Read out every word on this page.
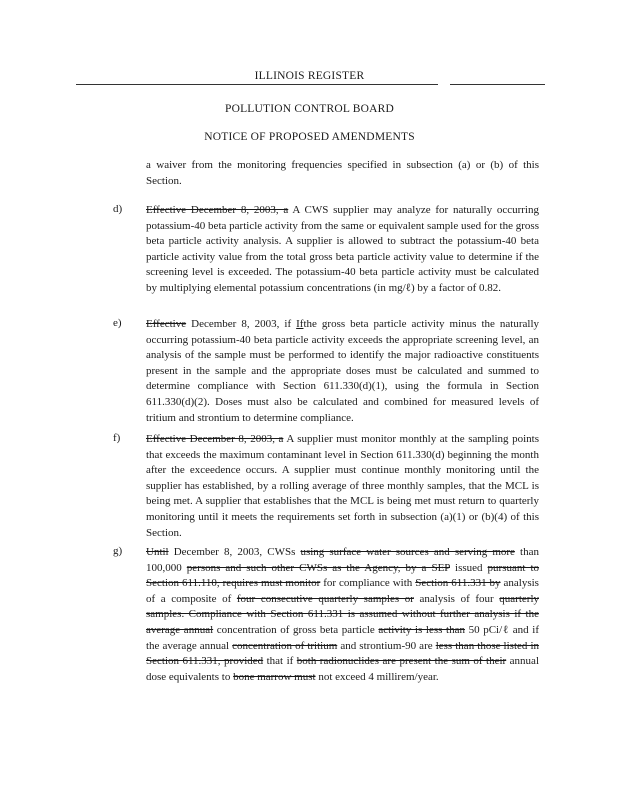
ILLINOIS REGISTER
POLLUTION CONTROL BOARD
NOTICE OF PROPOSED AMENDMENTS
a waiver from the monitoring frequencies specified in subsection (a) or (b) of this Section.
d) Effective December 8, 2003, a A CWS supplier may analyze for naturally occurring potassium-40 beta particle activity from the same or equivalent sample used for the gross beta particle activity analysis. A supplier is allowed to subtract the potassium-40 beta particle activity value from the total gross beta particle activity value to determine if the screening level is exceeded. The potassium-40 beta particle activity must be calculated by multiplying elemental potassium concentrations (in mg/ℓ) by a factor of 0.82.
e) Effective December 8, 2003, if Ifthe gross beta particle activity minus the naturally occurring potassium-40 beta particle activity exceeds the appropriate screening level, an analysis of the sample must be performed to identify the major radioactive constituents present in the sample and the appropriate doses must be calculated and summed to determine compliance with Section 611.330(d)(1), using the formula in Section 611.330(d)(2). Doses must also be calculated and combined for measured levels of tritium and strontium to determine compliance.
f) Effective December 8, 2003, a A supplier must monitor monthly at the sampling points that exceeds the maximum contaminant level in Section 611.330(d) beginning the month after the exceedence occurs. A supplier must continue monthly monitoring until the supplier has established, by a rolling average of three monthly samples, that the MCL is being met. A supplier that establishes that the MCL is being met must return to quarterly monitoring until it meets the requirements set forth in subsection (a)(1) or (b)(4) of this Section.
g) Until December 8, 2003, CWSs using surface water sources and serving more than 100,000 persons and such other CWSs as the Agency, by a SEP issued pursuant to Section 611.110, requires must monitor for compliance with Section 611.331 by analysis of a composite of four consecutive quarterly samples or analysis of four quarterly samples. Compliance with Section 611.331 is assumed without further analysis if the average annual concentration of gross beta particle activity is less than 50 pCi/ℓ and if the average annual concentration of tritium and strontium-90 are less than those listed in Section 611.331, provided that if both radionuclides are present the sum of their annual dose equivalents to bone marrow must not exceed 4 millirem/year.
